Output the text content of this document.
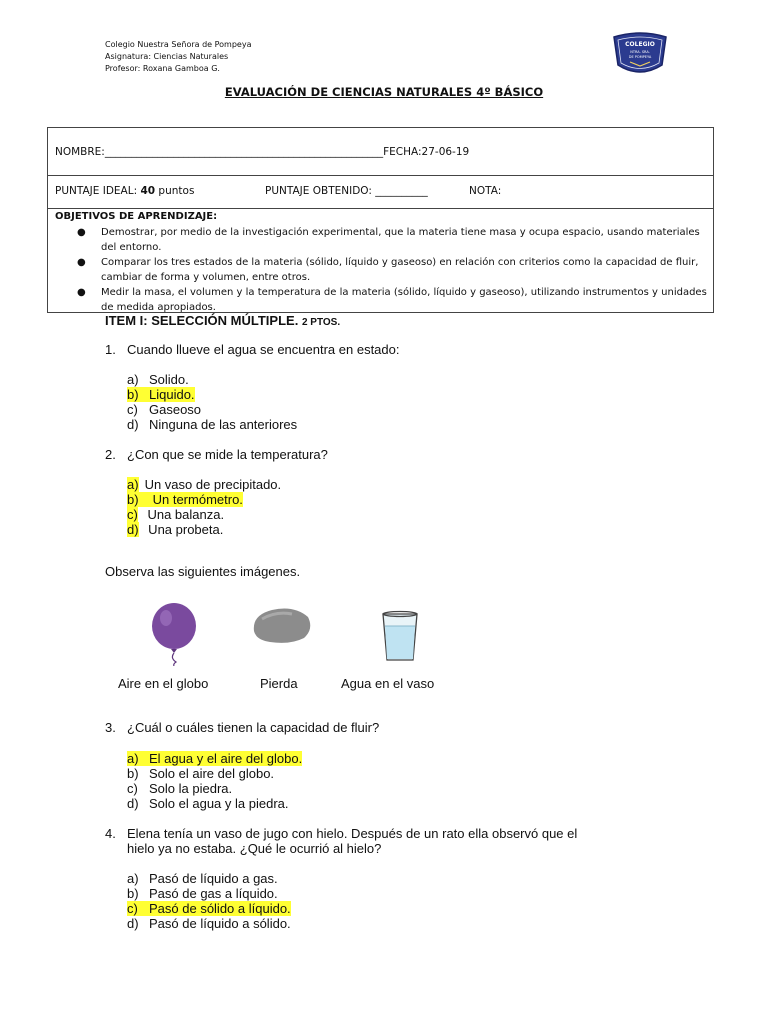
Colegio Nuestra Señora de Pompeya
Asignatura: Ciencias Naturales
Profesor: Roxana Gamboa G.
COLEGIO
NTRA. SRA.
DE POMPEYA
EVALUACIÓN DE CIENCIAS NATURALES 4º BÁSICO
NOMBRE:_____________________________________________________FECHA:27-06-19
PUNTAJE IDEAL: 40 puntos	PUNTAJE OBTENIDO: __________	NOTA:
OBJETIVOS DE APRENDIZAJE:
●	Demostrar, por medio de la investigación experimental, que la materia tiene masa y ocupa espacio, usando materiales del entorno.
●	Comparar los tres estados de la materia (sólido, líquido y gaseoso) en relación con criterios como la capacidad de fluir, cambiar de forma y volumen, entre otros.
●	Medir la masa, el volumen y la temperatura de la materia (sólido, líquido y gaseoso), utilizando instrumentos y unidades de medida apropiados.
ITEM I: SELECCIÓN MÚLTIPLE. 2 PTOS.
1. Cuando llueve el agua se encuentra en estado:
a) Solido.
b) Liquido.
c) Gaseoso
d) Ninguna de las anteriores
2. ¿Con que se mide la temperatura?
a) Un vaso de precipitado.
b) Un termómetro.
c) Una balanza.
d) Una probeta.
Observa las siguientes imágenes.
Aire en el globo	Pierda	Agua en el vaso
3. ¿Cuál o cuáles tienen la capacidad de fluir?
a) El agua y el aire del globo.
b) Solo el aire del globo.
c) Solo la piedra.
d) Solo el agua y la piedra.
4. Elena tenía un vaso de jugo con hielo. Después de un rato ella observó que el
hielo ya no estaba. ¿Qué le ocurrió al hielo?
a) Pasó de líquido a gas.
b) Pasó de gas a líquido.
c) Pasó de sólido a líquido.
d) Pasó de líquido a sólido.
